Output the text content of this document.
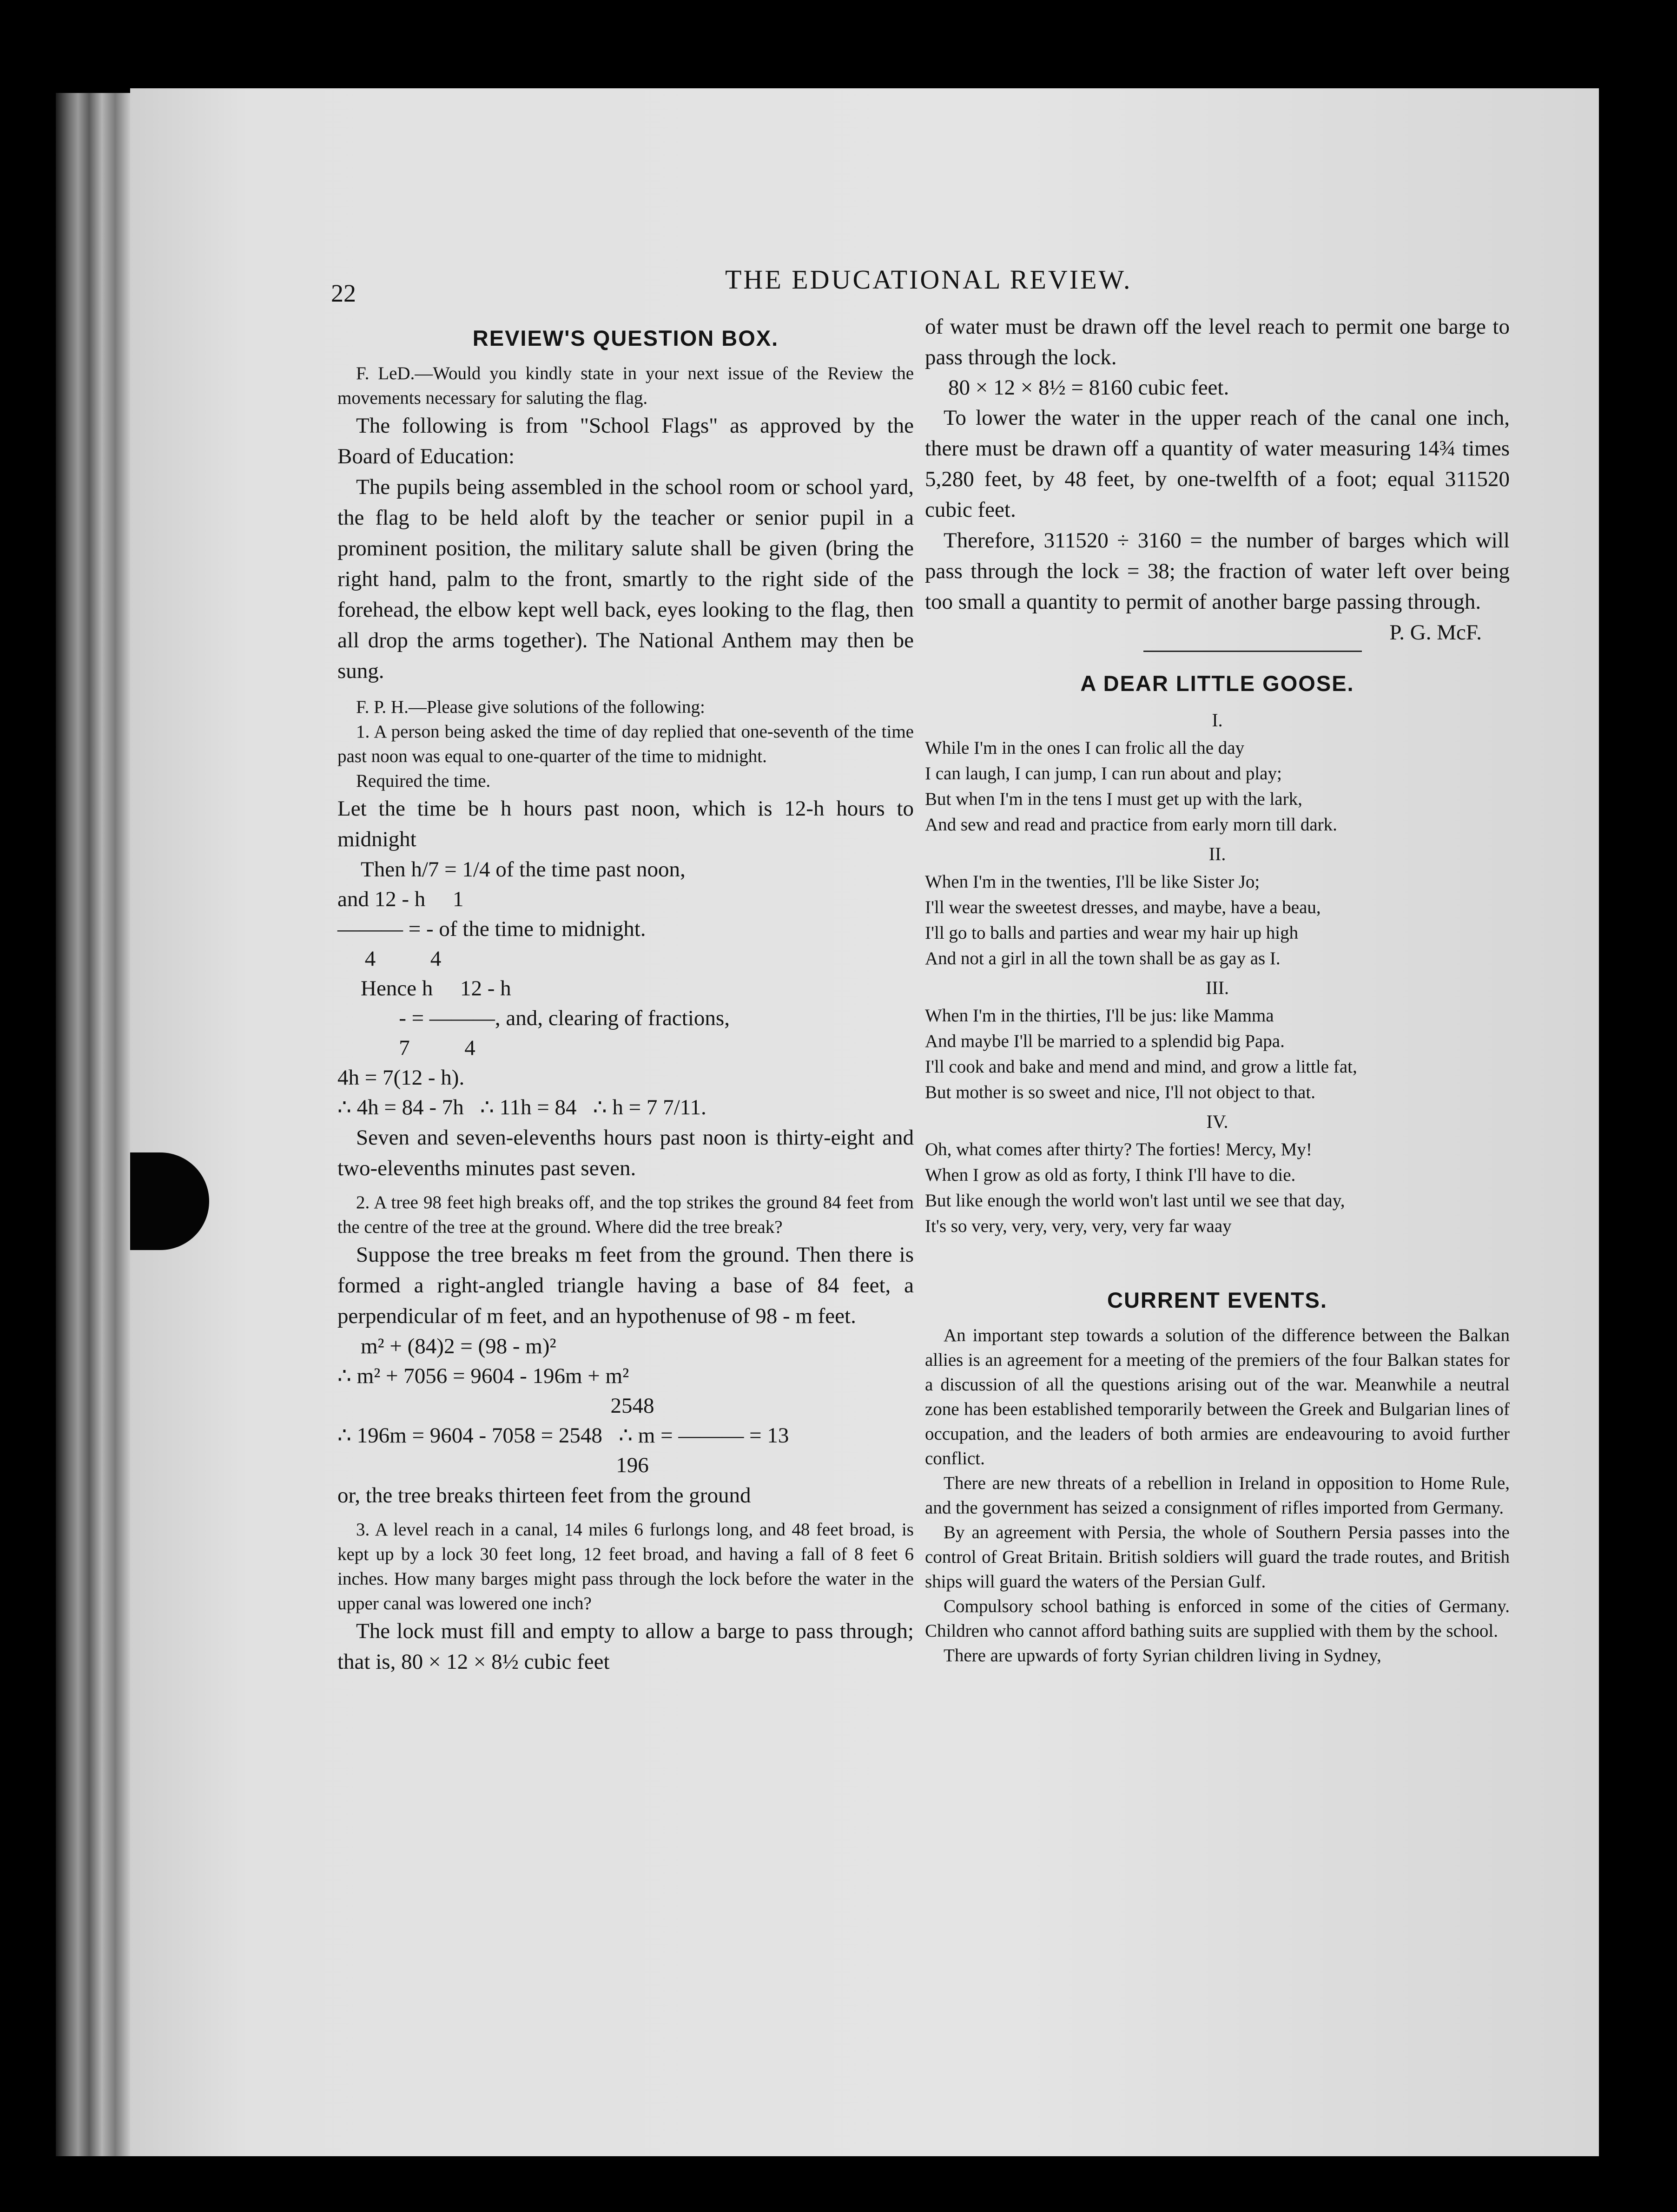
22	THE EDUCATIONAL REVIEW.
REVIEW'S QUESTION BOX.

F. LeD.—Would you kindly state in your next issue of the Review the movements necessary for saluting the flag.

The following is from "School Flags" as approved by the Board of Education:

The pupils being assembled in the school room or school yard, the flag to be held aloft by the teacher or senior pupil in a prominent position, the military salute shall be given (bring the right hand, palm to the front, smartly to the right side of the forehead, the elbow kept well back, eyes looking to the flag, then all drop the arms together). The National Anthem may then be sung.

F. P. H.—Please give solutions of the following:

1. A person being asked the time of day replied that one-seventh of the time past noon was equal to one-quarter of the time to midnight.

Required the time.

Let the time be h hours past noon, which is 12-h hours to midnight

Then h/7 = 1/4 of the time past noon,

and 12 - h     1

——— = - of the time to midnight.

4          4

Hence h     12 - h

- = ———, and, clearing of fractions,

7          4

4h = 7(12 - h).

∴ 4h = 84 - 7h   ∴ 11h = 84   ∴ h = 7 7/11.

Seven and seven-elevenths hours past noon is thirty-eight and two-elevenths minutes past seven.

2. A tree 98 feet high breaks off, and the top strikes the ground 84 feet from the centre of the tree at the ground. Where did the tree break?

Suppose the tree breaks m feet from the ground. Then there is formed a right-angled triangle having a base of 84 feet, a perpendicular of m feet, and an hypothenuse of 98 - m feet.

m² + (84)2 = (98 - m)²

∴ m² + 7056 = 9604 - 196m + m²

2548

∴ 196m = 9604 - 7058 = 2548   ∴ m = ——— = 13

196

or, the tree breaks thirteen feet from the ground

3. A level reach in a canal, 14 miles 6 furlongs long, and 48 feet broad, is kept up by a lock 30 feet long, 12 feet broad, and having a fall of 8 feet 6 inches. How many barges might pass through the lock before the water in the upper canal was lowered one inch?

The lock must fill and empty to allow a barge to pass through; that is, 80 × 12 × 8½ cubic feet

of water must be drawn off the level reach to permit one barge to pass through the lock.

80 × 12 × 8½ = 8160 cubic feet.

To lower the water in the upper reach of the canal one inch, there must be drawn off a quantity of water measuring 14¾ times 5,280 feet, by 48 feet, by one-twelfth of a foot; equal 311520 cubic feet.

Therefore, 311520 ÷ 3160 = the number of barges which will pass through the lock = 38; the fraction of water left over being too small a quantity to permit of another barge passing through.

P. G. McF.

A DEAR LITTLE GOOSE.
I.

While I'm in the ones I can frolic all the day

I can laugh, I can jump, I can run about and play;

But when I'm in the tens I must get up with the lark,

And sew and read and practice from early morn till dark.

II.

When I'm in the twenties, I'll be like Sister Jo;

I'll wear the sweetest dresses, and maybe, have a beau,

I'll go to balls and parties and wear my hair up high

And not a girl in all the town shall be as gay as I.

III.

When I'm in the thirties, I'll be jus: like Mamma

And maybe I'll be married to a splendid big Papa.

I'll cook and bake and mend and mind, and grow a little fat,

But mother is so sweet and nice, I'll not object to that.

IV.

Oh, what comes after thirty? The forties! Mercy, My!

When I grow as old as forty, I think I'll have to die.

But like enough the world won't last until we see that day,

It's so very, very, very, very, very far waay

CURRENT EVENTS.

An important step towards a solution of the difference between the Balkan allies is an agreement for a meeting of the premiers of the four Balkan states for a discussion of all the questions arising out of the war. Meanwhile a neutral zone has been established temporarily between the Greek and Bulgarian lines of occupation, and the leaders of both armies are endeavouring to avoid further conflict.

There are new threats of a rebellion in Ireland in opposition to Home Rule, and the government has seized a consignment of rifles imported from Germany.

By an agreement with Persia, the whole of Southern Persia passes into the control of Great Britain. British soldiers will guard the trade routes, and British ships will guard the waters of the Persian Gulf.

Compulsory school bathing is enforced in some of the cities of Germany. Children who cannot afford bathing suits are supplied with them by the school.

There are upwards of forty Syrian children living in Sydney,
